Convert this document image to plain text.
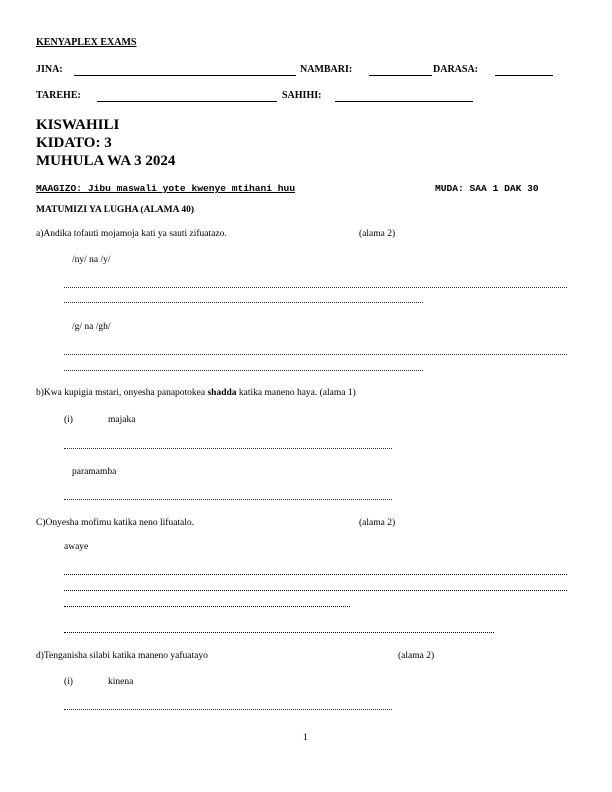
KENYAPLEX EXAMS
JINA:	NAMBARI:	DARASA:
TAREHE:	SAHIHI:
KISWAHILI
KIDATO: 3
MUHULA WA 3 2024
MAAGIZO: Jibu maswali yote kwenye mtihani huu	MUDA: SAA 1 DAK 30
MATUMIZI YA LUGHA (ALAMA 40)
a)Andika tofauti mojamoja kati ya sauti zifuatazo.	(alama 2)
/ny/ na /y/
/g/ na /gh/
b)Kwa kupigia mstari, onyesha panapotokea shadda katika maneno haya. (alama 1)
(i)	majaka
paramamba
C)Onyesha mofimu katika neno lifuatalo.	(alama 2)
awaye
d)Tenganisha silabi katika maneno yafuatayo	(alama 2)
(i)	kinena
1
